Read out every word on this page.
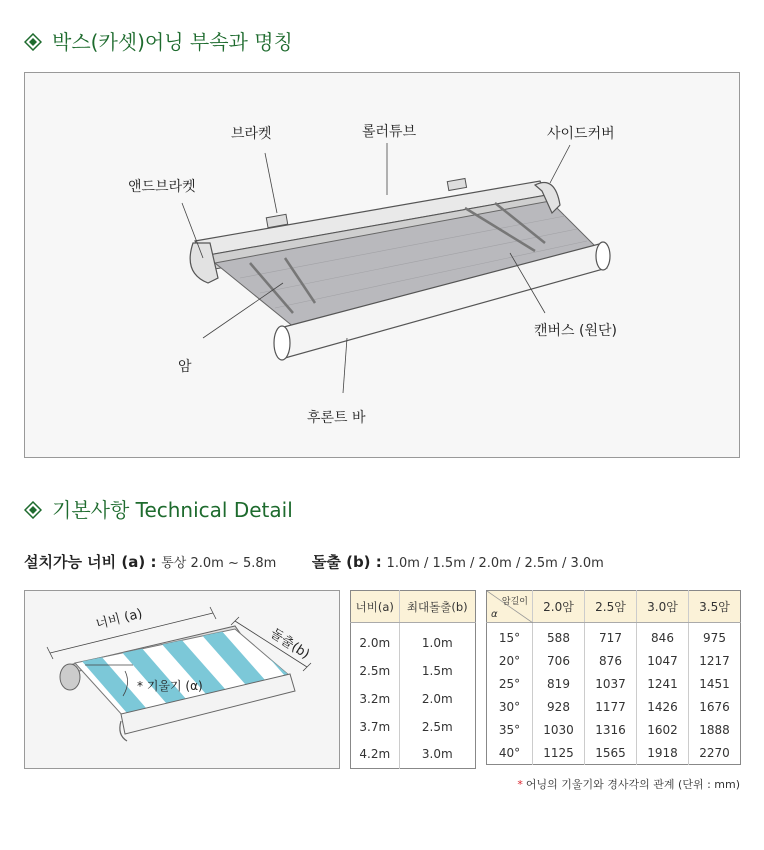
박스(카셋)어닝 부속과 명칭
브라켓	롤러튜브	사이드커버
앤드브라켓
캔버스 (원단)
암
후론트 바
기본사항 Technical Detail
설치가능 너비 (a) : 통상 2.0m ~ 5.8m 돌출 (b) : 1.0m / 1.5m / 2.0m / 2.5m / 3.0m
너비 (a)
돌출(b)
* 기울기 (α)
너비(a)	최대돌출(b)
2.0m	1.0m
2.5m	1.5m
3.2m	2.0m
3.7m	2.5m
4.2m	3.0m
암길이
α	2.0암	2.5암	3.0암	3.5암
15°	588	717	846	975
20°	706	876	1047	1217
25°	819	1037	1241	1451
30°	928	1177	1426	1676
35°	1030	1316	1602	1888
40°	1125	1565	1918	2270
* 어닝의 기울기와 경사각의 관계 (단위 : mm)
